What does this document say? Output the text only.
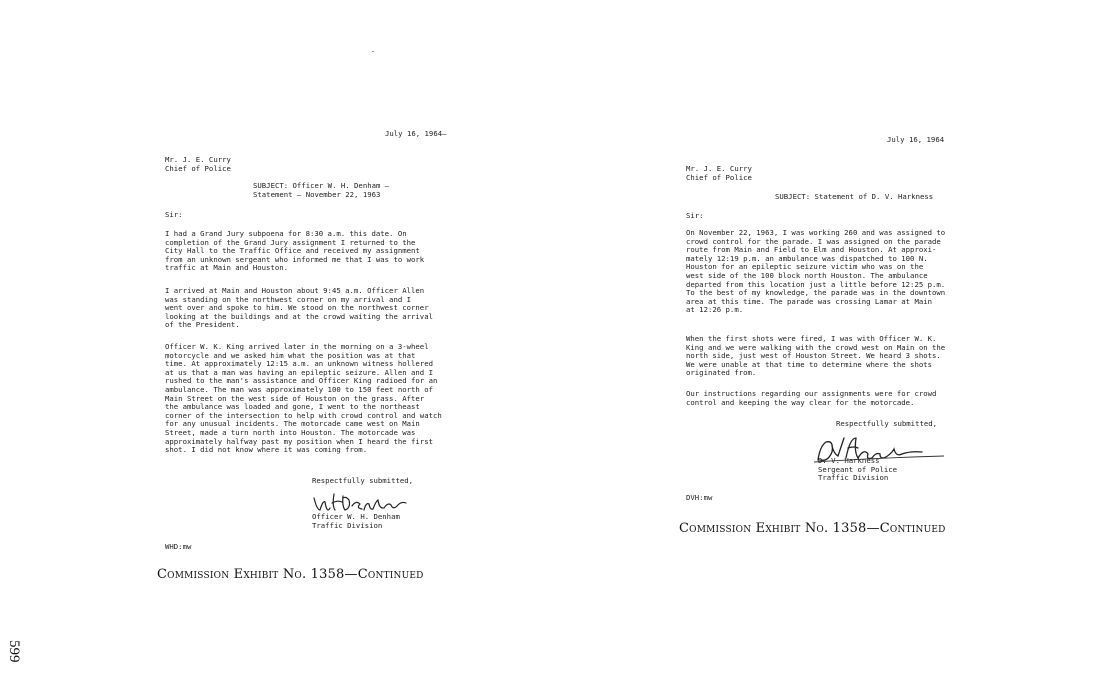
July 16, 1964—
Mr. J. E. Curry
Chief of Police
SUBJECT: Officer W. H. Denham –
Statement – November 22, 1963
Sir:
I had a Grand Jury subpoena for 8:30 a.m. this date. On
completion of the Grand Jury assignment I returned to the
City Hall to the Traffic Office and received my assignment
from an unknown sergeant who informed me that I was to work
traffic at Main and Houston.
I arrived at Main and Houston about 9:45 a.m. Officer Allen
was standing on the northwest corner on my arrival and I
went over and spoke to him. We stood on the northwest corner
looking at the buildings and at the crowd waiting the arrival
of the President.
Officer W. K. King arrived later in the morning on a 3-wheel
motorcycle and we asked him what the position was at that
time. At approximately 12:15 a.m. an unknown witness hollered
at us that a man was having an epileptic seizure. Allen and I
rushed to the man's assistance and Officer King radioed for an
ambulance. The man was approximately 100 to 150 feet north of
Main Street on the west side of Houston on the grass. After
the ambulance was loaded and gone, I went to the northeast
corner of the intersection to help with crowd control and watch
for any unusual incidents. The motorcade came west on Main
Street, made a turn north into Houston. The motorcade was
approximately halfway past my position when I heard the first
shot. I did not know where it was coming from.
Respectfully submitted,
Officer W. H. Denham
Traffic Division
WHD:mw
July 16, 1964
Mr. J. E. Curry
Chief of Police
SUBJECT: Statement of D. V. Harkness
Sir:
On November 22, 1963, I was working 260 and was assigned to
crowd control for the parade. I was assigned on the parade
route from Main and Field to Elm and Houston. At approxi-
mately 12:19 p.m. an ambulance was dispatched to 100 N.
Houston for an epileptic seizure victim who was on the
west side of the 100 block north Houston. The ambulance
departed from this location just a little before 12:25 p.m.
To the best of my knowledge, the parade was in the downtown
area at this time. The parade was crossing Lamar at Main
at 12:26 p.m.
When the first shots were fired, I was with Officer W. K.
King and we were walking with the crowd west on Main on the
north side, just west of Houston Street. We heard 3 shots.
We were unable at that time to determine where the shots
originated from.
Our instructions regarding our assignments were for crowd
control and keeping the way clear for the motorcade.
Respectfully submitted,
D. V. Harkness
Sergeant of Police
Traffic Division
DVH:mw
Commission Exhibit No. 1358—Continued
Commission Exhibit No. 1358—Continued
599
